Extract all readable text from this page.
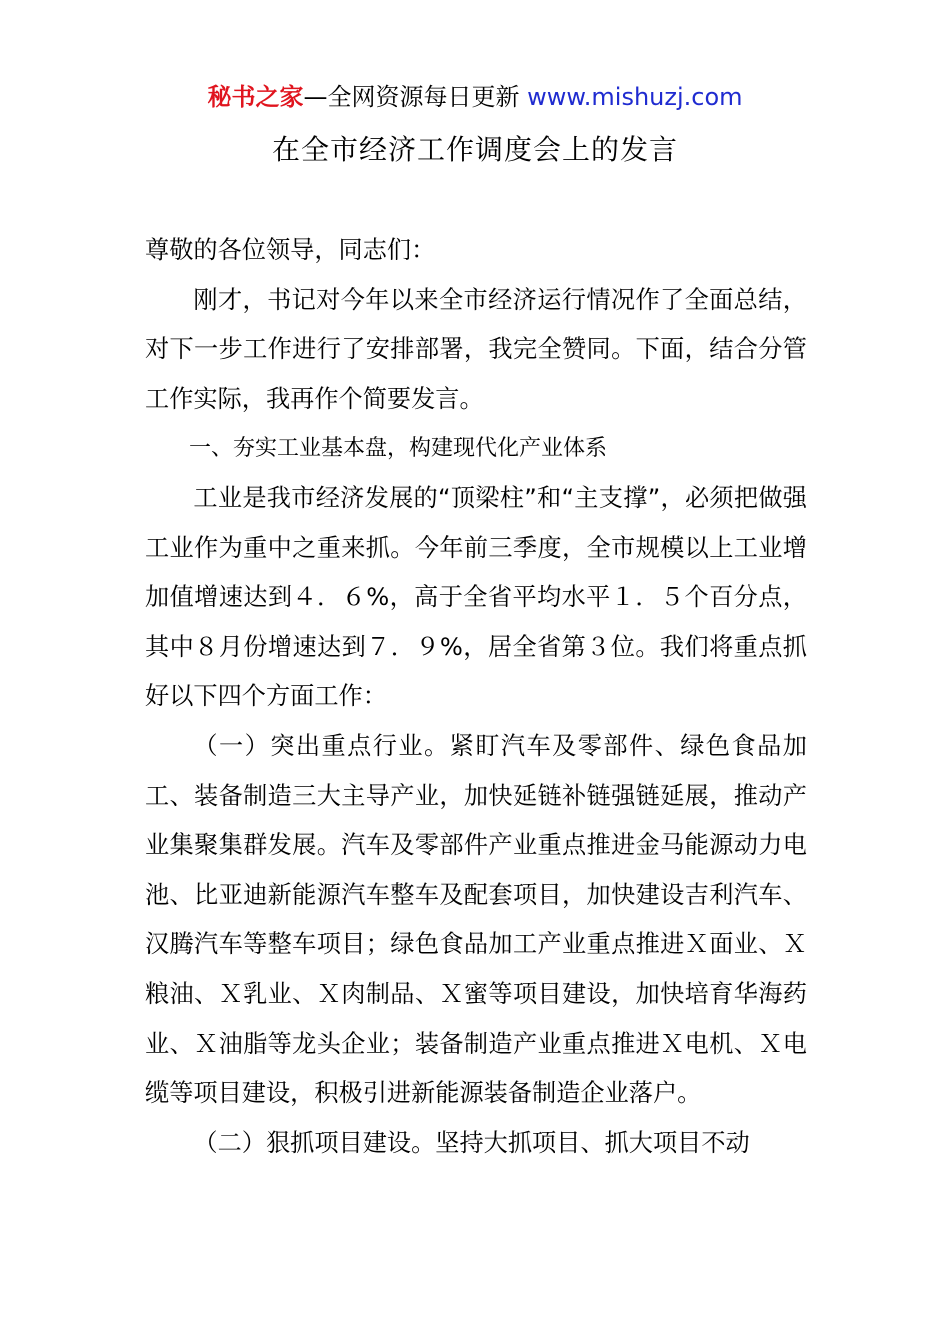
秘书之家—全网资源每日更新 www.mishuzj.com
在全市经济工作调度会上的发言

尊敬的各位领导，同志们：

刚才，书记对今年以来全市经济运行情况作了全面总结，对下一步工作进行了安排部署，我完全赞同。下面，结合分管工作实际，我再作个简要发言。

一、夯实工业基本盘，构建现代化产业体系

工业是我市经济发展的“顶梁柱”和“主支撑”，必须把做强工业作为重中之重来抓。今年前三季度，全市规模以上工业增加值增速达到４．６%，高于全省平均水平１．５个百分点，其中８月份增速达到７．９%，居全省第３位。我们将重点抓好以下四个方面工作：

（一）突出重点行业。紧盯汽车及零部件、绿色食品加工、装备制造三大主导产业，加快延链补链强链延展，推动产业集聚集群发展。汽车及零部件产业重点推进金马能源动力电池、比亚迪新能源汽车整车及配套项目，加快建设吉利汽车、汉腾汽车等整车项目；绿色食品加工产业重点推进Ｘ面业、Ｘ粮油、Ｘ乳业、Ｘ肉制品、Ｘ蜜等项目建设，加快培育华海药业、Ｘ油脂等龙头企业；装备制造产业重点推进Ｘ电机、Ｘ电缆等项目建设，积极引进新能源装备制造企业落户。

（二）狠抓项目建设。坚持大抓项目、抓大项目不动
